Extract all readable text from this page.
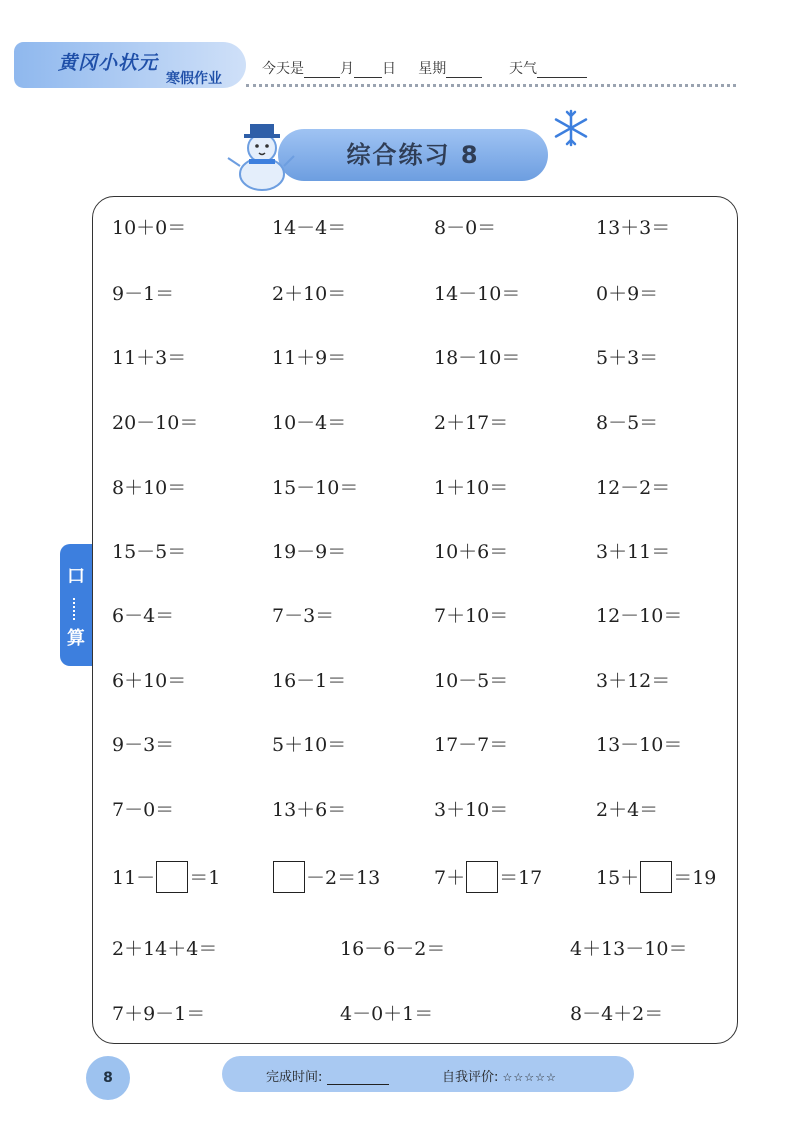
黄冈小状元
寒假作业
今天是	月 日 星期	天气
综合练习 8
口
算
10＋0＝	14－4＝	8－0＝	13＋3＝
9－1＝	2＋10＝	14－10＝	0＋9＝
11＋3＝	11＋9＝	18－10＝	5＋3＝
20－10＝	10－4＝	2＋17＝	8－5＝
8＋10＝	15－10＝	1＋10＝	12－2＝
15－5＝	19－9＝	10＋6＝	3＋11＝
6－4＝	7－3＝	7＋10＝	12－10＝
6＋10＝	16－1＝	10－5＝	3＋12＝
9－3＝	5＋10＝	17－7＝	13－10＝
7－0＝	13＋6＝	3＋10＝	2＋4＝
11－ ＝1	－2＝13	7＋ ＝17	15＋ ＝19
2＋14＋4＝	16－6－2＝	4＋13－10＝
7＋9－1＝	4－0＋1＝	8－4＋2＝
8	完成时间:	自我评价: ☆☆☆☆☆
